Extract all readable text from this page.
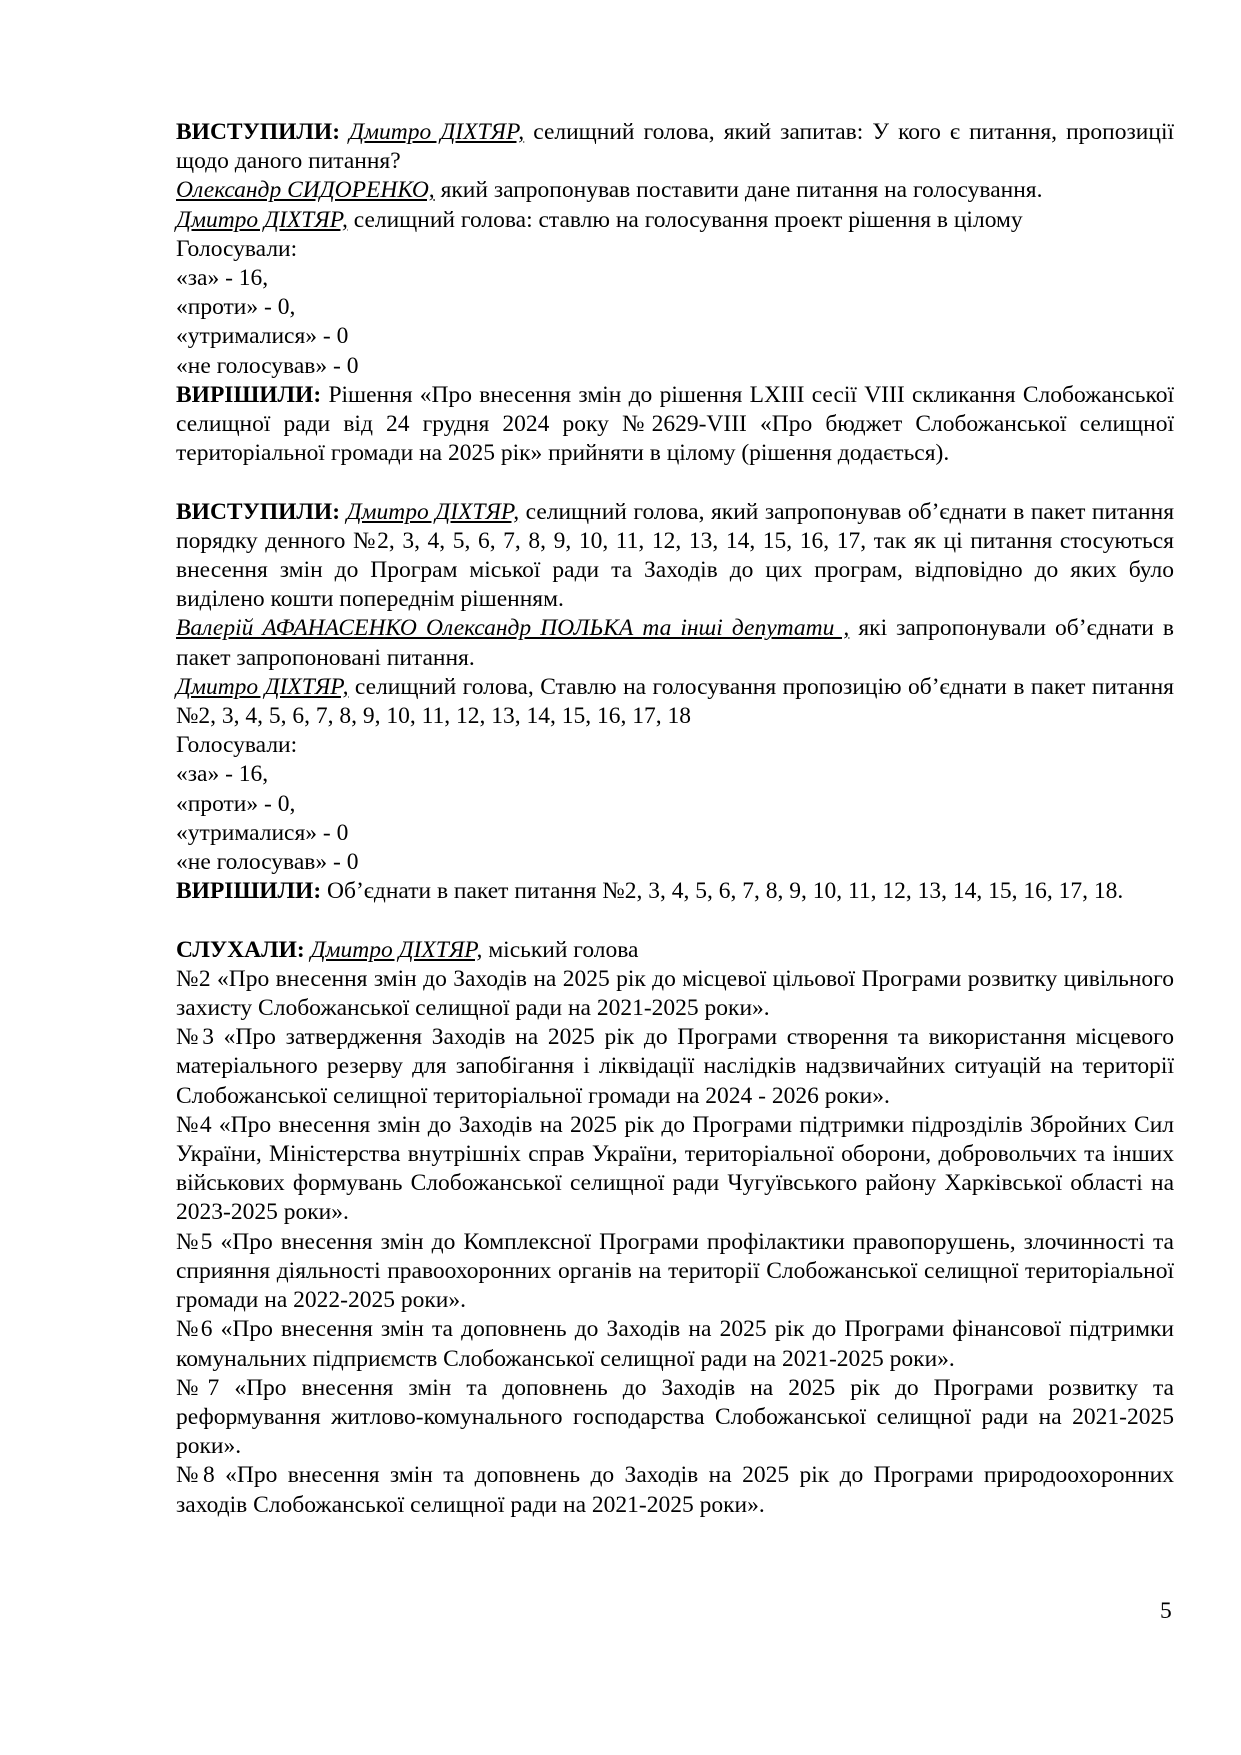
ВИСТУПИЛИ: Дмитро ДІХТЯР, селищний голова, який запитав: У кого є питання, пропозиції щодо даного питання?

Олександр СИДОРЕНКО, який запропонував поставити дане питання на голосування.

Дмитро ДІХТЯР, селищний голова: ставлю на голосування проект рішення в цілому

Голосували:

«за» - 16,

«проти» - 0,

«утрималися» - 0

«не голосував» - 0

ВИРІШИЛИ: Рішення «Про внесення змін до рішення LXIII сесії VIII скликання Слобожанської селищної ради від 24 грудня 2024 року №2629-VIII «Про бюджет Слобожанської селищної територіальної громади на 2025 рік» прийняти в цілому (рішення додається).

ВИСТУПИЛИ: Дмитро ДІХТЯР, селищний голова, який запропонував об’єднати в пакет питання порядку денного №2, 3, 4, 5, 6, 7, 8, 9, 10, 11, 12, 13, 14, 15, 16, 17, так як ці питання стосуються внесення змін до Програм міської ради та Заходів до цих програм, відповідно до яких було виділено кошти попереднім рішенням.

Валерій АФАНАСЕНКО Олександр ПОЛЬКА та інші депутати , які запропонували об’єднати в пакет запропоновані питання.

Дмитро ДІХТЯР, селищний голова, Ставлю на голосування пропозицію об’єднати в пакет питання №2, 3, 4, 5, 6, 7, 8, 9, 10, 11, 12, 13, 14, 15, 16, 17, 18

Голосували:

«за» - 16,

«проти» - 0,

«утрималися» - 0

«не голосував» - 0

ВИРІШИЛИ: Об’єднати в пакет питання №2, 3, 4, 5, 6, 7, 8, 9, 10, 11, 12, 13, 14, 15, 16, 17, 18.

СЛУХАЛИ: Дмитро ДІХТЯР, міський голова

№2 «Про внесення змін до Заходів на 2025 рік до місцевої цільової Програми розвитку цивільного захисту Слобожанської селищної ради на 2021-2025 роки».

№3 «Про затвердження Заходів на 2025 рік до Програми створення та використання місцевого матеріального резерву для запобігання і ліквідації наслідків надзвичайних ситуацій на території Слобожанської селищної територіальної громади на 2024 - 2026 роки».

№4 «Про внесення змін до Заходів на 2025 рік до Програми підтримки підрозділів Збройних Сил України, Міністерства внутрішніх справ України, територіальної оборони, добровольчих та інших військових формувань Слобожанської селищної ради Чугуївського району Харківської області на 2023-2025 роки».

№5 «Про внесення змін до Комплексної Програми профілактики правопорушень, злочинності та сприяння діяльності правоохоронних органів на території Слобожанської селищної територіальної громади на 2022-2025 роки».

№6 «Про внесення змін та доповнень до Заходів на 2025 рік до Програми фінансової підтримки комунальних підприємств Слобожанської селищної ради на 2021-2025 роки».

№7 «Про внесення змін та доповнень до Заходів на 2025 рік до Програми розвитку та реформування житлово-комунального господарства Слобожанської селищної ради на 2021-2025 роки».

№8 «Про внесення змін та доповнень до Заходів на 2025 рік до Програми природоохоронних заходів Слобожанської селищної ради на 2021-2025 роки».

5
